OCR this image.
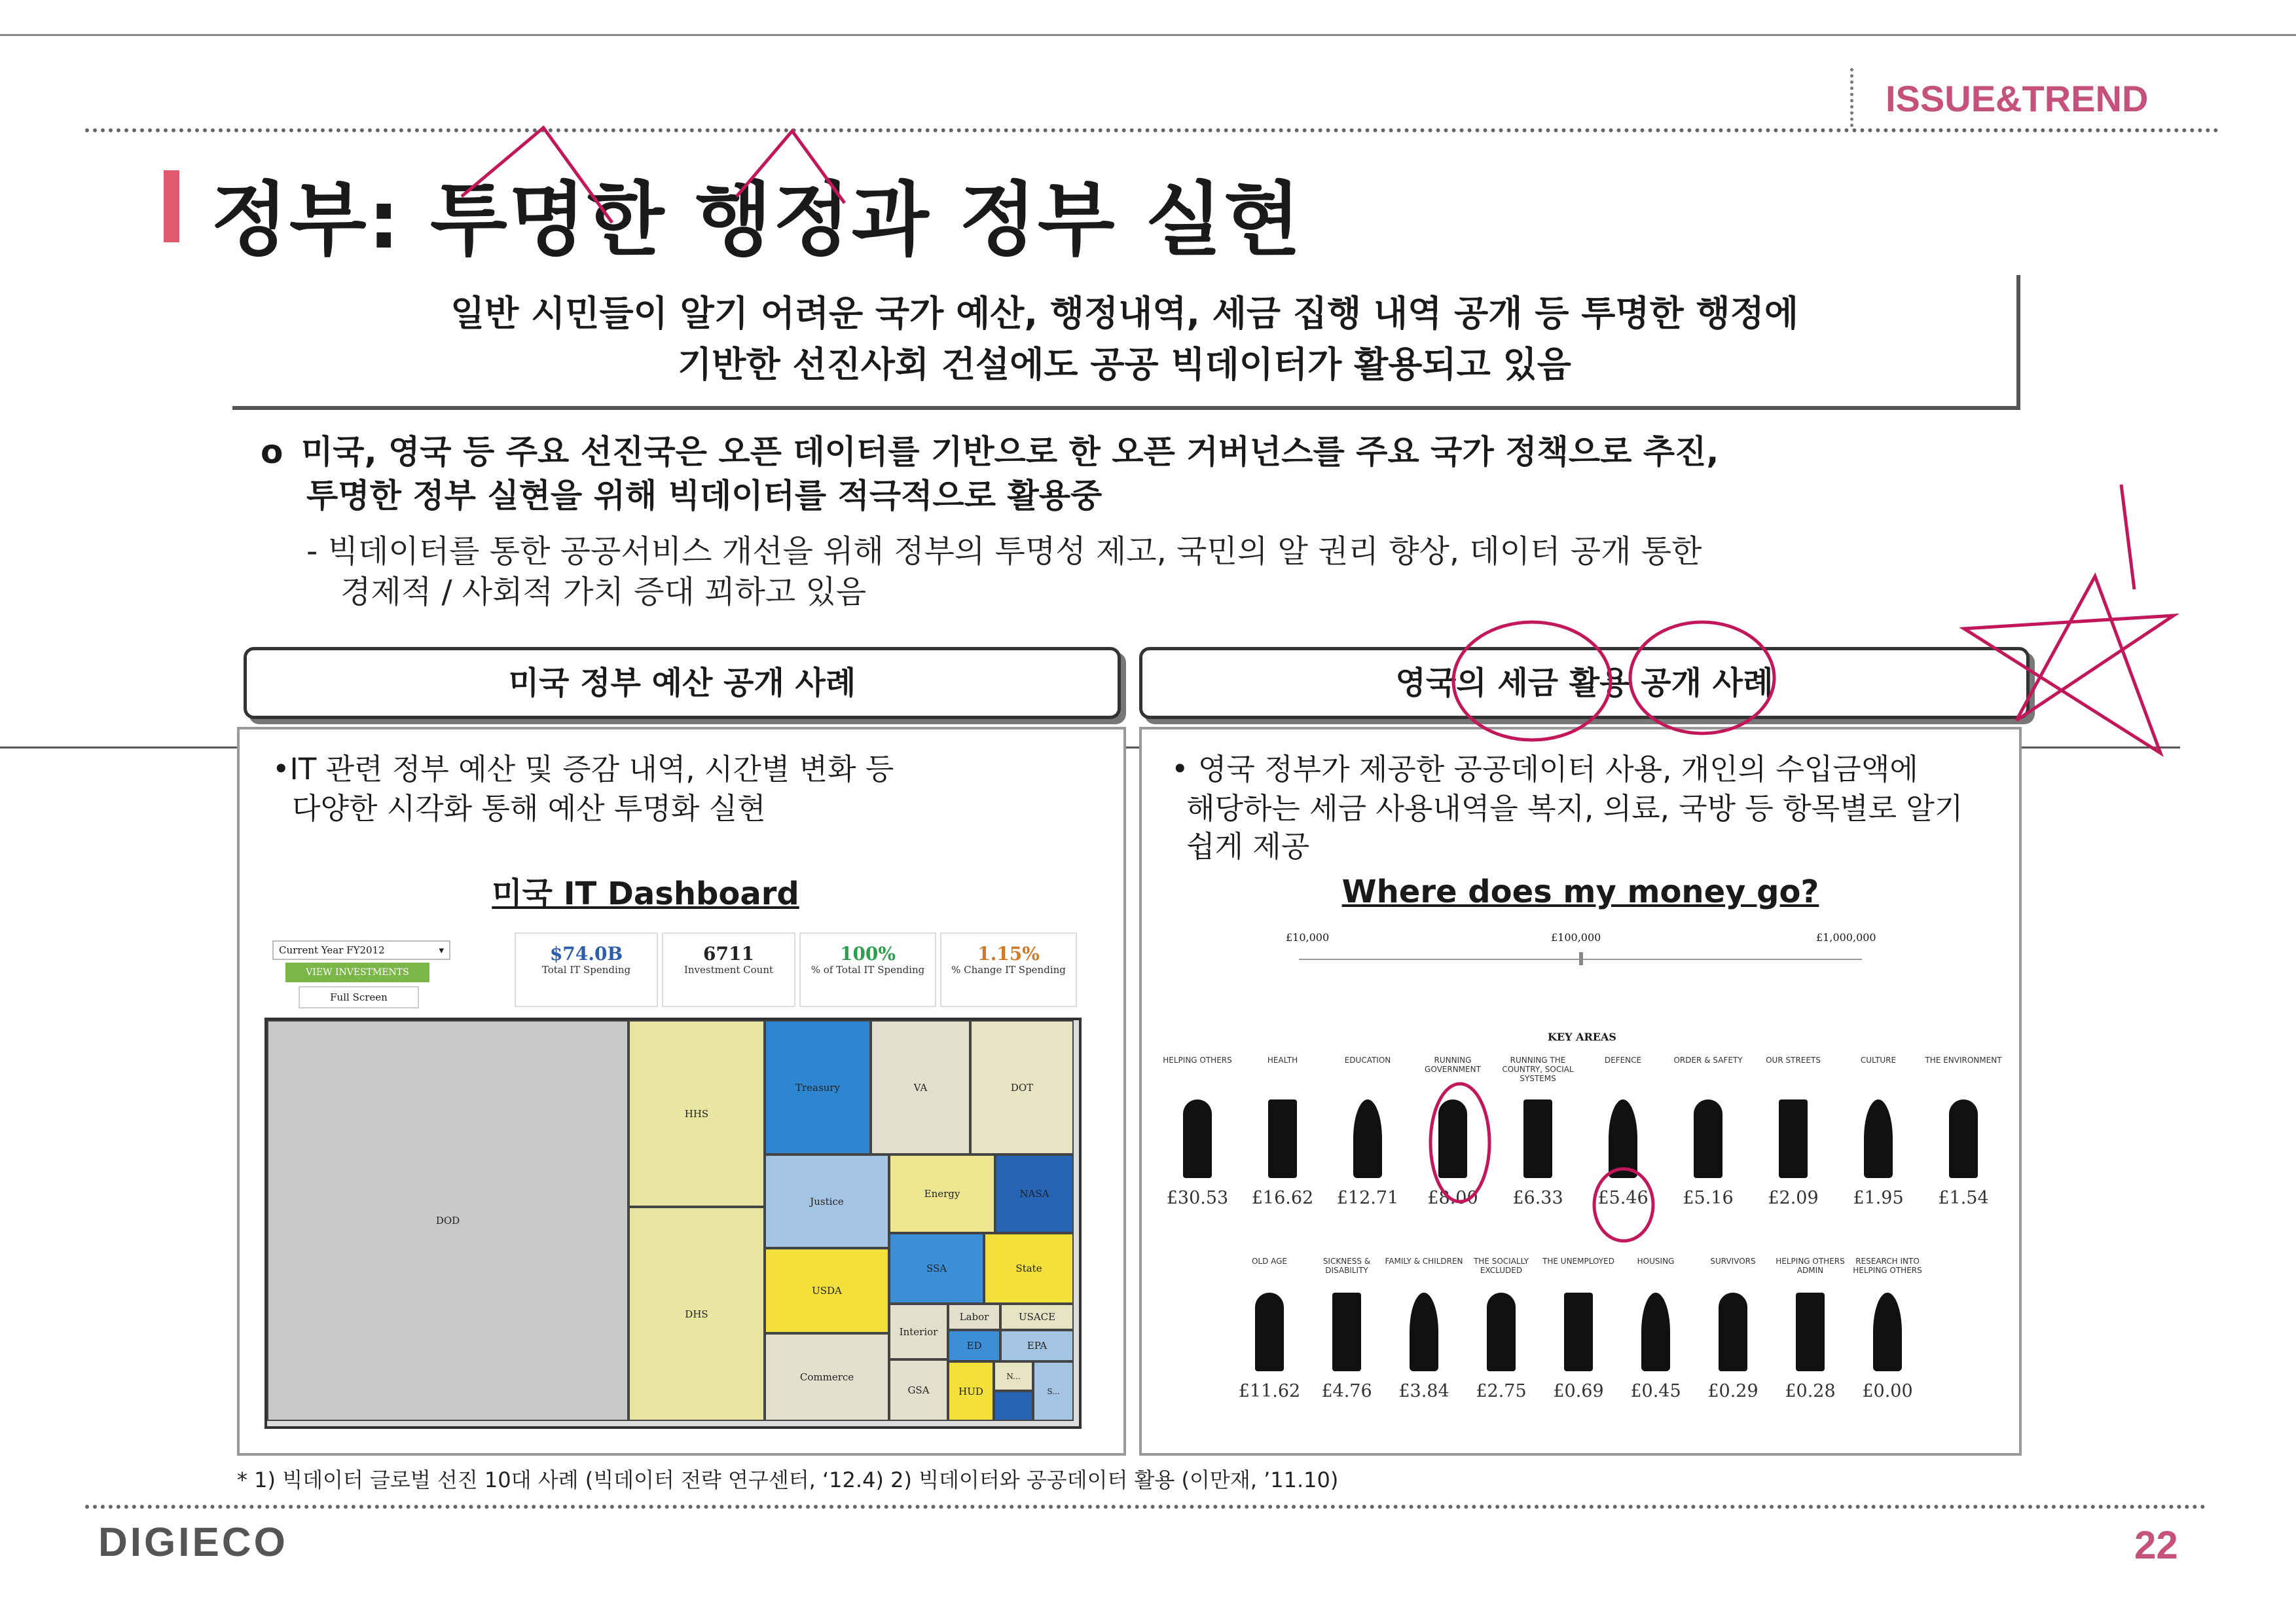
ISSUE&TREND
정부: 투명한 행정과 정부 실현
일반 시민들이 알기 어려운 국가 예산, 행정내역, 세금 집행 내역 공개 등 투명한 행정에
기반한 선진사회 건설에도 공공 빅데이터가 활용되고 있음
o 미국, 영국 등 주요 선진국은 오픈 데이터를 기반으로 한 오픈 거버넌스를 주요 국가 정책으로 추진,
투명한 정부 실현을 위해 빅데이터를 적극적으로 활용중
- 빅데이터를 통한 공공서비스 개선을 위해 정부의 투명성 제고, 국민의 알 권리 향상, 데이터 공개 통한
경제적 / 사회적 가치 증대 꾀하고 있음
미국 정부 예산 공개 사례	영국의 세금 활용 공개 사례
•IT 관련 정부 예산 및 증감 내역, 시간별 변화 등
다양한 시각화 통해 예산 투명화 실현
미국 IT Dashboard
Current Year FY2012	▾
VIEW INVESTMENTS
Full Screen
$74.0B
Total IT Spending
6711
Investment Count
100%
% of Total IT Spending
1.15%
% Change IT Spending
DOD
HHS
DHS
Treasury	VA	DOT
Justice
Energy	NASA
USDA
SSA	State
Interior
Labor	USACE
Commerce
ED	EPA
GSA	HUD
N...
S...
• 영국 정부가 제공한 공공데이터 사용, 개인의 수입금액에
해당하는 세금 사용내역을 복지, 의료, 국방 등 항목별로 알기
쉽게 제공
Where does my money go?
£10,000	£100,000	£1,000,000
KEY AREAS
HELPING OTHERS
£30.53
HEALTH
£16.62
EDUCATION
£12.71
RUNNING GOVERNMENT
£8.00
RUNNING THE COUNTRY, SOCIAL SYSTEMS
£6.33
DEFENCE
£5.46
ORDER & SAFETY
£5.16
OUR STREETS
£2.09
CULTURE
£1.95
THE ENVIRONMENT
£1.54
OLD AGE
£11.62
SICKNESS & DISABILITY
£4.76
FAMILY & CHILDREN
£3.84
THE SOCIALLY EXCLUDED
£2.75
THE UNEMPLOYED
£0.69
HOUSING
£0.45
SURVIVORS
£0.29
HELPING OTHERS ADMIN
£0.28
RESEARCH INTO HELPING OTHERS
£0.00
* 1) 빅데이터 글로벌 선진 10대 사례 (빅데이터 전략 연구센터, ‘12.4) 2) 빅데이터와 공공데이터 활용 (이만재, ’11.10)
DIGIECO	22
